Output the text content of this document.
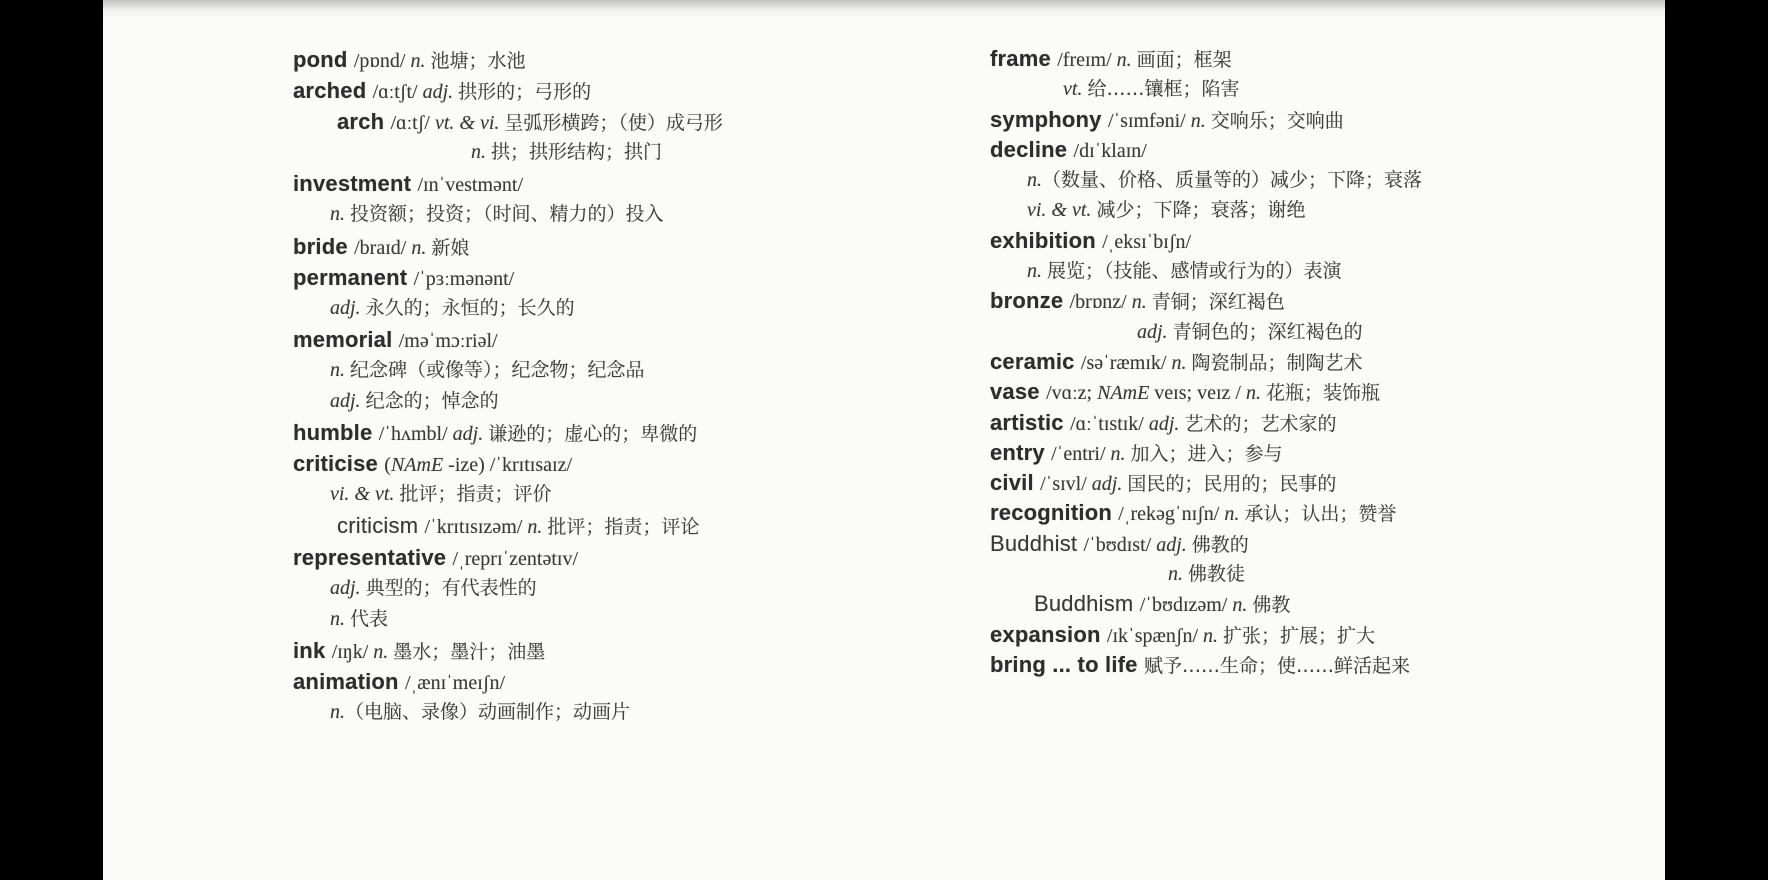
pond /pɒnd/ n. 池塘；水池
arched /ɑːtʃt/ adj. 拱形的；弓形的
arch /ɑːtʃ/ vt. & vi. 呈弧形横跨；（使）成弓形
n. 拱；拱形结构；拱门
investment /ɪnˈvestmənt/
n. 投资额；投资；（时间、精力的）投入
bride /braɪd/ n. 新娘
permanent /ˈpɜːmənənt/
adj. 永久的；永恒的；长久的
memorial /məˈmɔːriəl/
n. 纪念碑（或像等）；纪念物；纪念品
adj. 纪念的；悼念的
humble /ˈhʌmbl/ adj. 谦逊的；虚心的；卑微的
criticise (NAmE -ize) /ˈkrɪtɪsaɪz/
vi. & vt. 批评；指责；评价
criticism /ˈkrɪtɪsɪzəm/ n. 批评；指责；评论
representative /ˌreprɪˈzentətɪv/
adj. 典型的；有代表性的
n. 代表
ink /ɪŋk/ n. 墨水；墨汁；油墨
animation /ˌænɪˈmeɪʃn/
n.（电脑、录像）动画制作；动画片
frame /freɪm/ n. 画面；框架
vt. 给……镶框；陷害
symphony /ˈsɪmfəni/ n. 交响乐；交响曲
decline /dɪˈklaɪn/
n.（数量、价格、质量等的）减少；下降；衰落
vi. & vt. 减少；下降；衰落；谢绝
exhibition /ˌeksɪˈbɪʃn/
n. 展览；（技能、感情或行为的）表演
bronze /brɒnz/ n. 青铜；深红褐色
adj. 青铜色的；深红褐色的
ceramic /səˈræmɪk/ n. 陶瓷制品；制陶艺术
vase /vɑːz; NAmE veɪs; veɪz / n. 花瓶；装饰瓶
artistic /ɑːˈtɪstɪk/ adj. 艺术的；艺术家的
entry /ˈentri/ n. 加入；进入；参与
civil /ˈsɪvl/ adj. 国民的；民用的；民事的
recognition /ˌrekəgˈnɪʃn/ n. 承认；认出；赞誉
Buddhist /ˈbʊdɪst/ adj. 佛教的
n. 佛教徒
Buddhism /ˈbʊdɪzəm/ n. 佛教
expansion /ɪkˈspænʃn/ n. 扩张；扩展；扩大
bring ... to life 赋予……生命；使……鲜活起来
